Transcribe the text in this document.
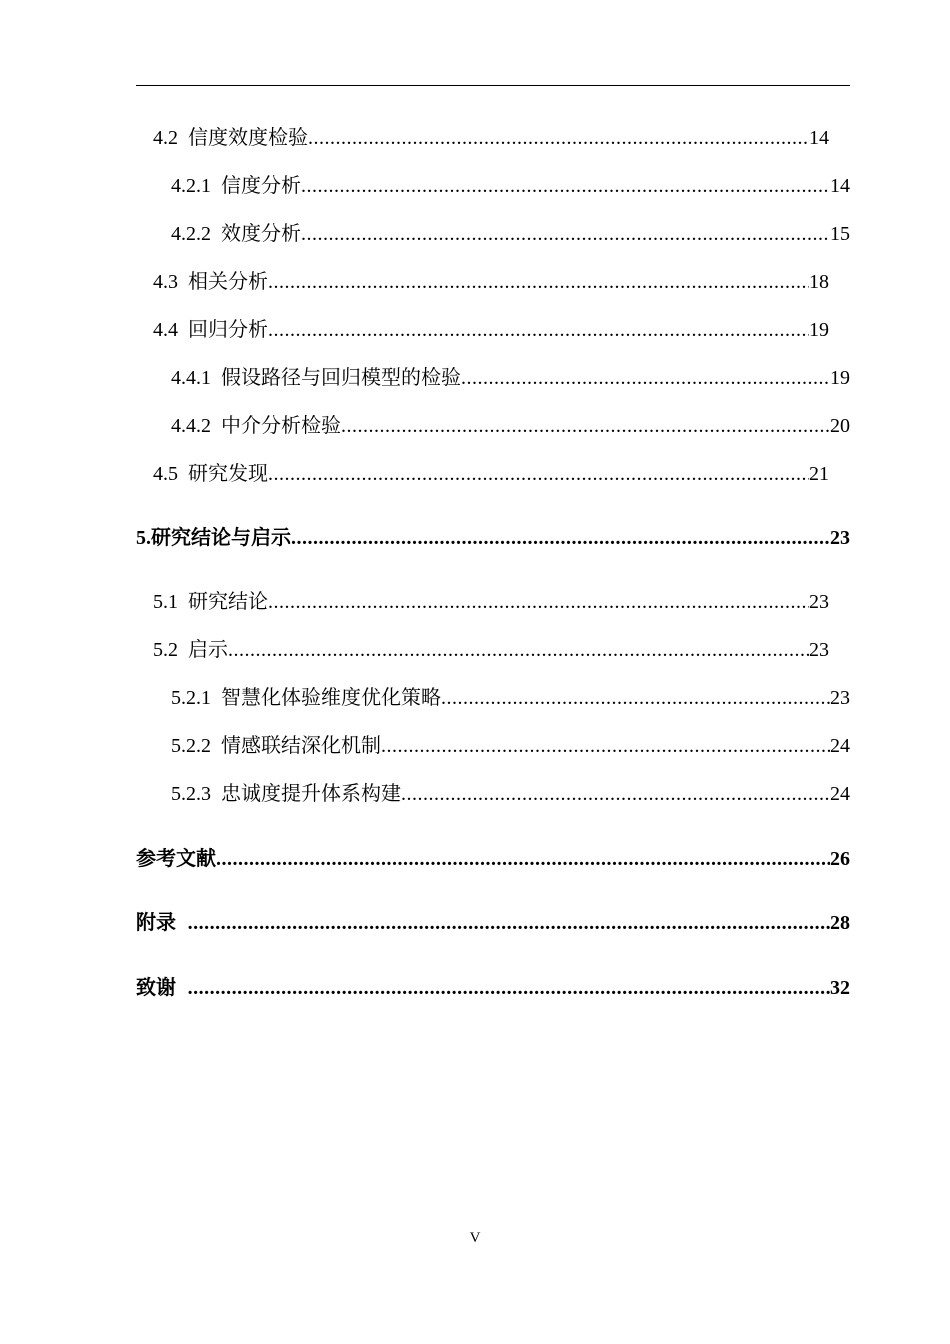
4.2 信度效度检验 .....	14
4.2.1 信度分析 .....	14
4.2.2 效度分析 .....	15
4.3 相关分析 .....	18
4.4 回归分析 .....	19
4.4.1 假设路径与回归模型的检验 .....	19
4.4.2 中介分析检验 .....	20
4.5 研究发现 .....	21
5.研究结论与启示 .....	23
5.1 研究结论 .....	23
5.2 启示 .....	23
5.2.1 智慧化体验维度优化策略 .....	23
5.2.2 情感联结深化机制 .....	24
5.2.3 忠诚度提升体系构建 .....	24
参考文献 .....	26
附录 .....	28
致谢 .....	32
V
